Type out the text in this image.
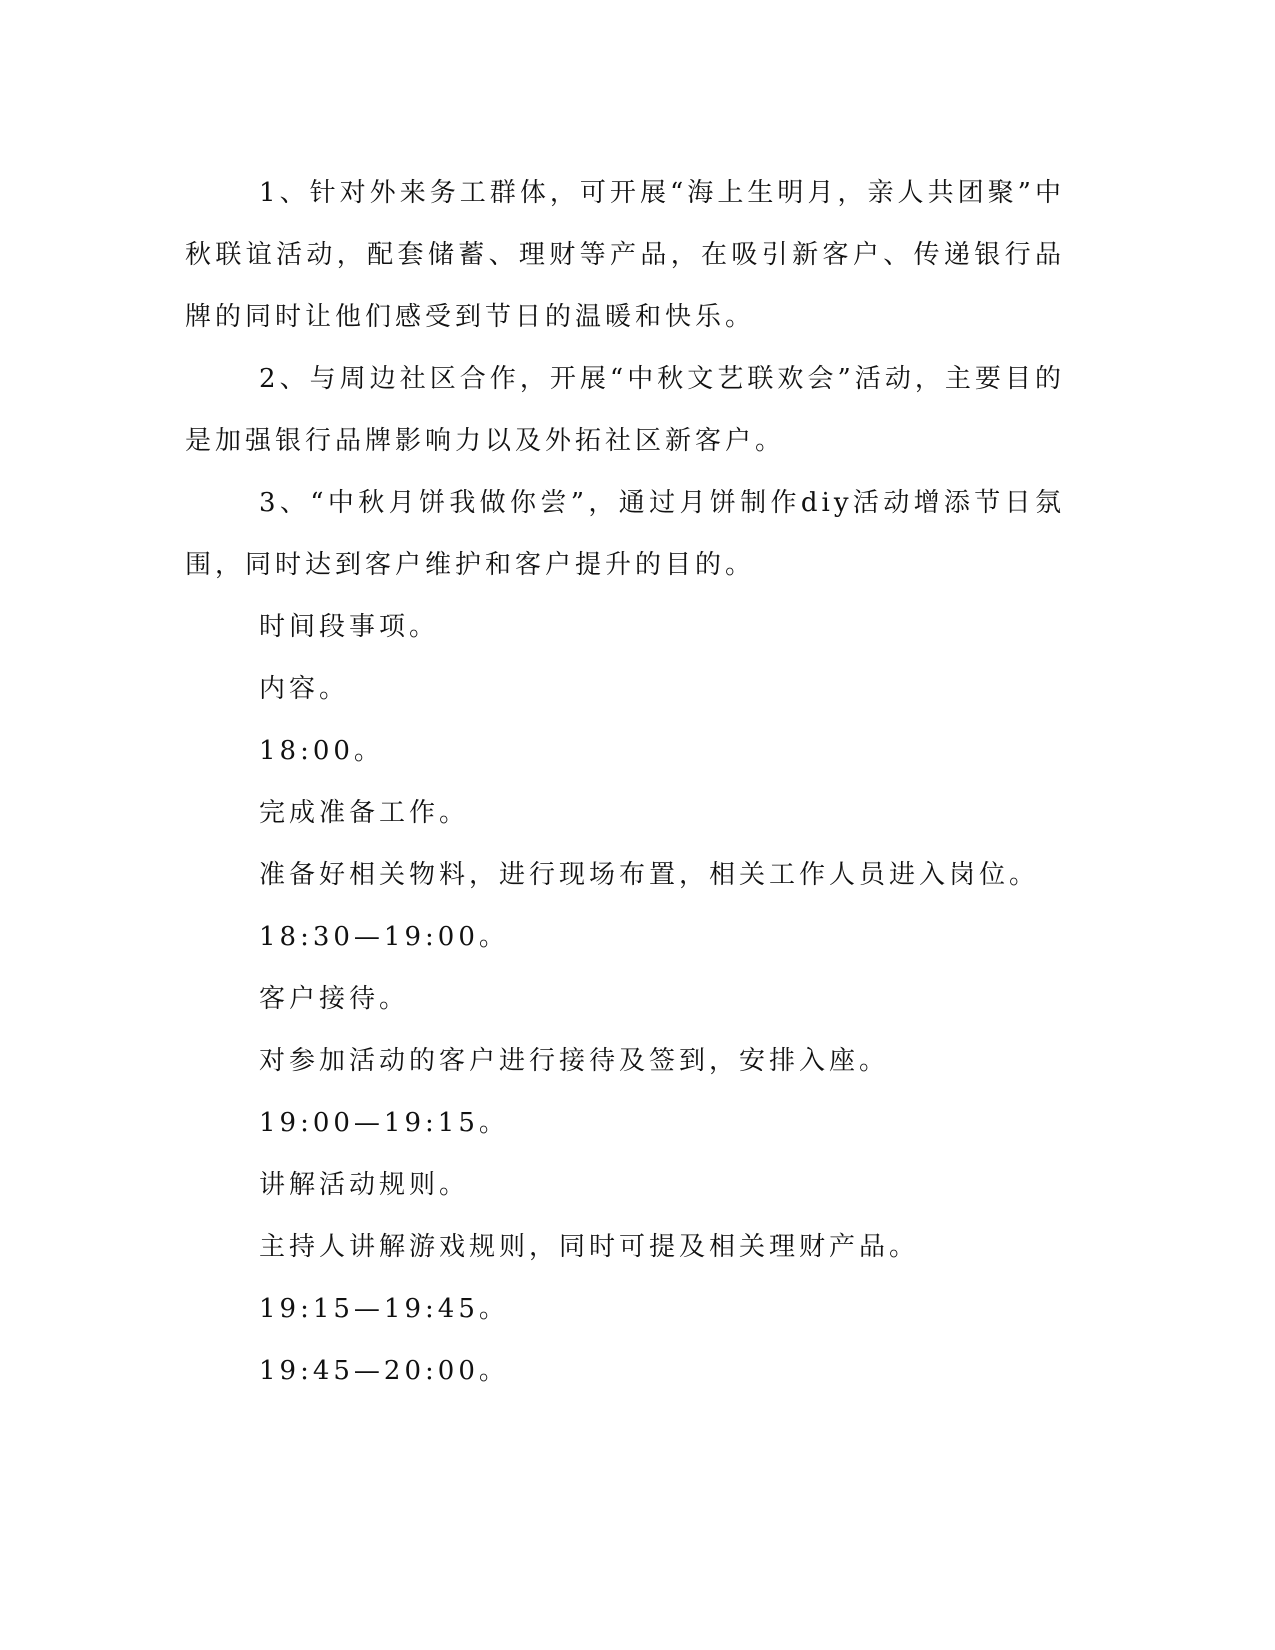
1、针对外来务工群体，可开展“海上生明月，亲人共团聚”中秋联谊活动，配套储蓄、理财等产品，在吸引新客户、传递银行品牌的同时让他们感受到节日的温暖和快乐。

2、与周边社区合作，开展“中秋文艺联欢会”活动，主要目的是加强银行品牌影响力以及外拓社区新客户。

3、“中秋月饼我做你尝”，通过月饼制作diy活动增添节日氛围，同时达到客户维护和客户提升的目的。

时间段事项。

内容。

18:00。

完成准备工作。

准备好相关物料，进行现场布置，相关工作人员进入岗位。

18:30—19:00。

客户接待。

对参加活动的客户进行接待及签到，安排入座。

19:00—19:15。

讲解活动规则。

主持人讲解游戏规则，同时可提及相关理财产品。

19:15—19:45。

19:45—20:00。
